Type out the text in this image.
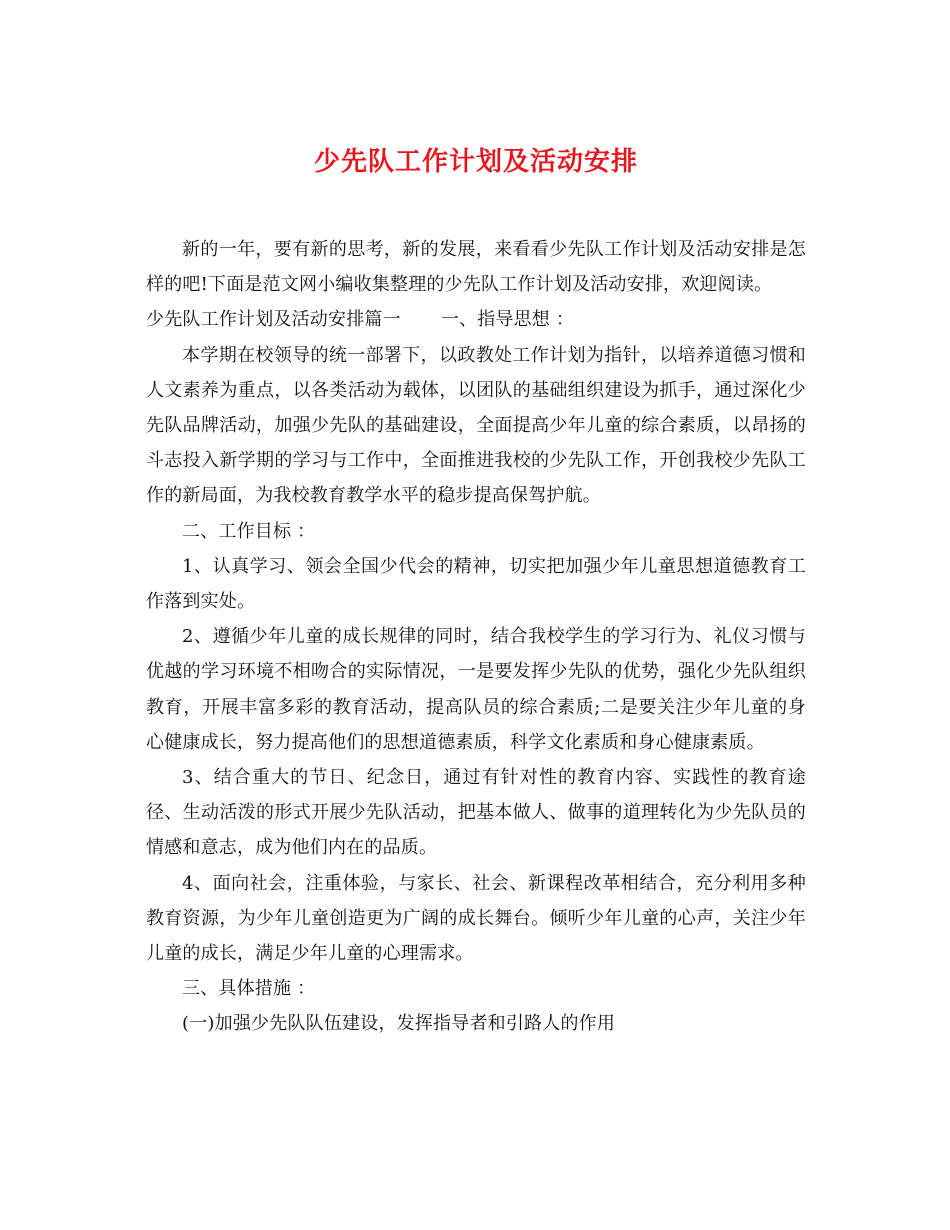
少先队工作计划及活动安排

新的一年，要有新的思考，新的发展，来看看少先队工作计划及活动安排是怎样的吧!下面是范文网小编收集整理的少先队工作计划及活动安排，欢迎阅读。

少先队工作计划及活动安排篇一 一、指导思想 ：

本学期在校领导的统一部署下，以政教处工作计划为指针，以培养道德习惯和人文素养为重点，以各类活动为载体，以团队的基础组织建设为抓手，通过深化少先队品牌活动，加强少先队的基础建设，全面提高少年儿童的综合素质，以昂扬的斗志投入新学期的学习与工作中，全面推进我校的少先队工作，开创我校少先队工作的新局面，为我校教育教学水平的稳步提高保驾护航。

二、工作目标 ：

1、认真学习、领会全国少代会的精神，切实把加强少年儿童思想道德教育工作落到实处。

2、遵循少年儿童的成长规律的同时，结合我校学生的学习行为、礼仪习惯与优越的学习环境不相吻合的实际情况，一是要发挥少先队的优势，强化少先队组织教育，开展丰富多彩的教育活动，提高队员的综合素质;二是要关注少年儿童的身心健康成长，努力提高他们的思想道德素质，科学文化素质和身心健康素质。

3、结合重大的节日、纪念日，通过有针对性的教育内容、实践性的教育途径、生动活泼的形式开展少先队活动，把基本做人、做事的道理转化为少先队员的情感和意志，成为他们内在的品质。

4、面向社会，注重体验，与家长、社会、新课程改革相结合，充分利用多种教育资源，为少年儿童创造更为广阔的成长舞台。倾听少年儿童的心声，关注少年儿童的成长，满足少年儿童的心理需求。

三、具体措施 ：

(一)加强少先队队伍建设，发挥指导者和引路人的作用
